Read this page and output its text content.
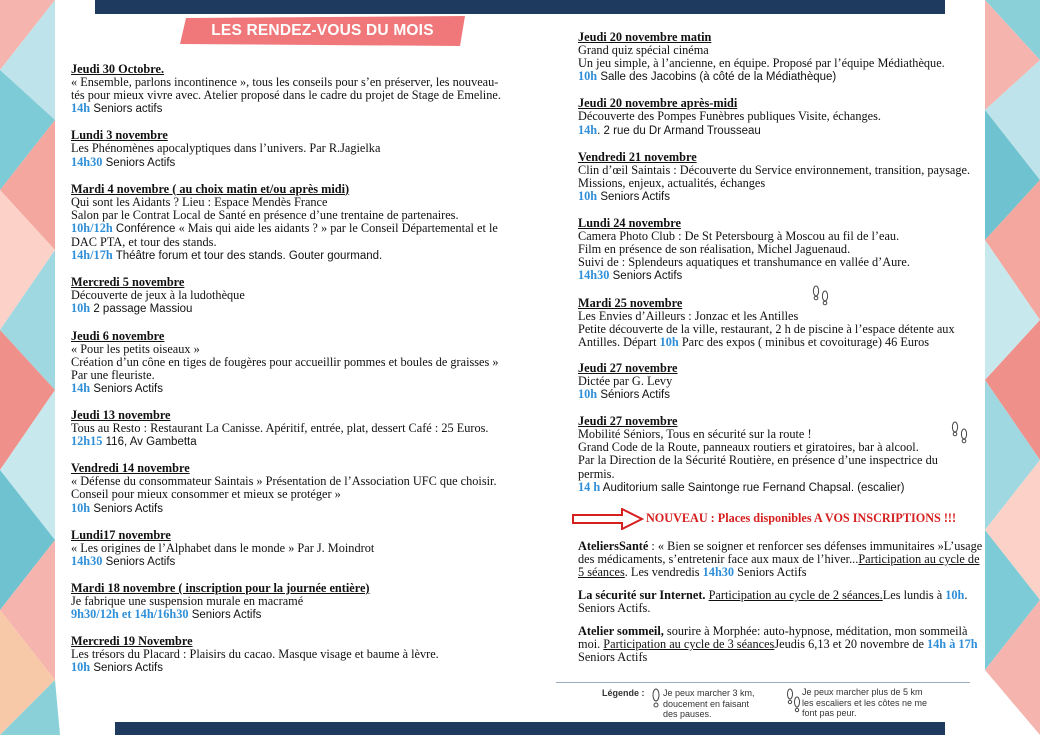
LES RENDEZ-VOUS DU MOIS
Jeudi 30 Octobre.
« Ensemble, parlons incontinence », tous les conseils pour s’en préserver, les nouveau-
tés pour mieux vivre avec. Atelier proposé dans le cadre du projet de Stage de Emeline.
14h Seniors actifs
Lundi 3 novembre
Les Phénomènes apocalyptiques dans l’univers. Par R.Jagielka
14h30 Seniors Actifs
Mardi 4 novembre ( au choix matin et/ou après midi)
Qui sont les Aidants ? Lieu : Espace Mendès France
Salon par le Contrat Local de Santé en présence d’une trentaine de partenaires.
10h/12h Conférence « Mais qui aide les aidants ? » par le Conseil Départemental et le
DAC PTA, et tour des stands.
14h/17h Théâtre forum et tour des stands. Gouter gourmand.
Mercredi 5 novembre
Découverte de jeux à la ludothèque
10h 2 passage Massiou
Jeudi 6 novembre
« Pour les petits oiseaux »
Création d’un cône en tiges de fougères pour accueillir pommes et boules de graisses »
Par une fleuriste.
14h Seniors Actifs
Jeudi 13 novembre
Tous au Resto : Restaurant La Canisse. Apéritif, entrée, plat, dessert Café : 25 Euros.
12h15 116, Av Gambetta
Vendredi 14 novembre
« Défense du consommateur Saintais » Présentation de l’Association UFC que choisir.
Conseil pour mieux consommer et mieux se protéger »
10h Seniors Actifs
Lundi17 novembre
« Les origines de l’Alphabet dans le monde » Par J. Moindrot
14h30 Seniors Actifs
Mardi 18 novembre ( inscription pour la journée entière)
Je fabrique une suspension murale en macramé
9h30/12h et 14h/16h30 Seniors Actifs
Mercredi 19 Novembre
Les trésors du Placard : Plaisirs du cacao. Masque visage et baume à lèvre.
10h Seniors Actifs
Jeudi 20 novembre matin
Grand quiz spécial cinéma
Un jeu simple, à l’ancienne, en équipe. Proposé par l’équipe Médiathèque.
10h Salle des Jacobins (à côté de la Médiathèque)
Jeudi 20 novembre après-midi
Découverte des Pompes Funèbres publiques Visite, échanges.
14h. 2 rue du Dr Armand Trousseau
Vendredi 21 novembre
Clin d’œil Saintais : Découverte du Service environnement, transition, paysage.
Missions, enjeux, actualités, échanges
10h Seniors Actifs
Lundi 24 novembre
Camera Photo Club : De St Petersbourg à Moscou au fil de l’eau.
Film en présence de son réalisation, Michel Jaguenaud.
Suivi de : Splendeurs aquatiques et transhumance en vallée d’Aure.
14h30 Seniors Actifs
Mardi 25 novembre
Les Envies d’Ailleurs : Jonzac et les Antilles
Petite découverte de la ville, restaurant, 2 h de piscine à l’espace détente aux
Antilles. Départ 10h Parc des expos ( minibus et covoiturage) 46 Euros
Jeudi 27 novembre
Dictée par G. Levy
10h Séniors Actifs
Jeudi 27 novembre
Mobilité Séniors, Tous en sécurité sur la route !
Grand Code de la Route, panneaux routiers et giratoires, bar à alcool.
Par la Direction de la Sécurité Routière, en présence d’une inspectrice du
permis.
14 h Auditorium salle Saintonge rue Fernand Chapsal. (escalier)
NOUVEAU : Places disponibles A VOS INSCRIPTIONS !!!
AteliersSanté : « Bien se soigner et renforcer ses défenses immunitaires »L’usage des médicaments, s’entretenir face aux maux de l’hiver...Participation au cycle de 5 séances. Les vendredis 14h30 Seniors Actifs
La sécurité sur Internet. Participation au cycle de 2 séances.Les lundis à 10h. Seniors Actifs.
Atelier sommeil, sourire à Morphée: auto-hypnose, méditation, mon sommeilà moi. Participation au cycle de 3 séancesJeudis 6,13 et 20 novembre de 14h à 17h Seniors Actifs
Légende : Je peux marcher 3 km,
doucement en faisant
des pauses.
Je peux marcher plus de 5 km
les escaliers et les côtes ne me
font pas peur.
